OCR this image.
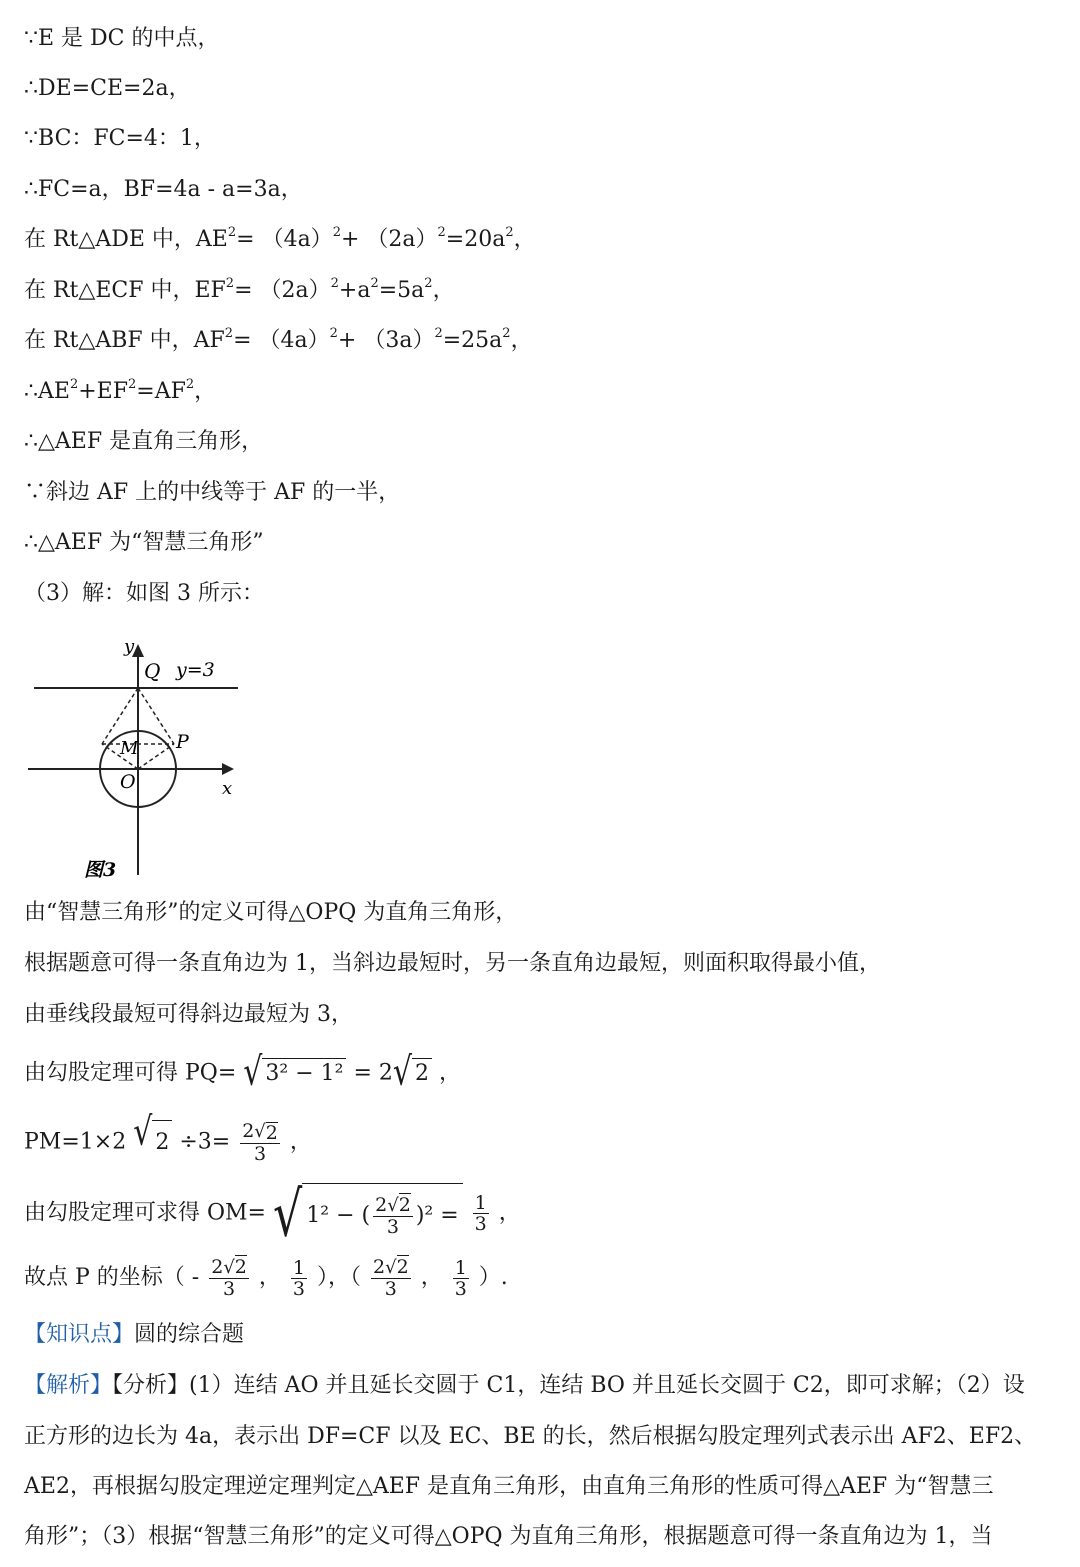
∵E 是 DC 的中点，
∴DE=CE=2a，
∵BC：FC=4：1，
∴FC=a，BF=4a - a=3a，
在 Rt△ADE 中，$AE^2= (4a)^2+ (2a)^2=20a^2$，
在 Rt△ECF 中，$EF^2= (2a)^2+a^2=5a^2$，
在 Rt△ABF 中，$AF^2= (4a)^2+ (3a)^2=25a^2$，
$\therefore AE^2+EF^2=AF^2$，
∴△AEF 是直角三角形，
∵斜边 AF 上的中线等于 AF 的一半，
∴△AEF 为“智慧三角形”
（3）解：如图 3 所示：
y
Q y=3
M P
O	x
图3
由“智慧三角形”的定义可得△OPQ 为直角三角形，
根据题意可得一条直角边为 1，当斜边最短时，另一条直角边最短，则面积取得最小值，
由垂线段最短可得斜边最短为 3，
由勾股定理可得 PQ= √ 3² − 1² = 2 √ 2 ，
PM=1×2 √ $2 \div 3= \frac{2 √ 2}{3}$ ，
由勾股定理可求得 OM= √ 1² − ( $\frac{2√2}{3} )^2$ =
$\frac{1}{3}$ ，
故点 P 的坐标（ - $\frac{2√2}{3}$ ， $\frac{1}{3}$ ），（ $\frac{2√2}{3}$ ， $\frac{1}{3}$ ）.
【知识点】圆的综合题
【解析】【分析】(1）连结 AO 并且延长交圆于 C1，连结 BO 并且延长交圆于 C2，即可求解；（2）设
正方形的边长为 4a，表示出 DF=CF 以及 EC、BE 的长，然后根据勾股定理列式表示出 AF2、EF2、
AE2，再根据勾股定理逆定理判定△AEF 是直角三角形，由直角三角形的性质可得△AEF 为“智慧三
角形”；（3）根据“智慧三角形”的定义可得△OPQ 为直角三角形，根据题意可得一条直角边为 1，当
